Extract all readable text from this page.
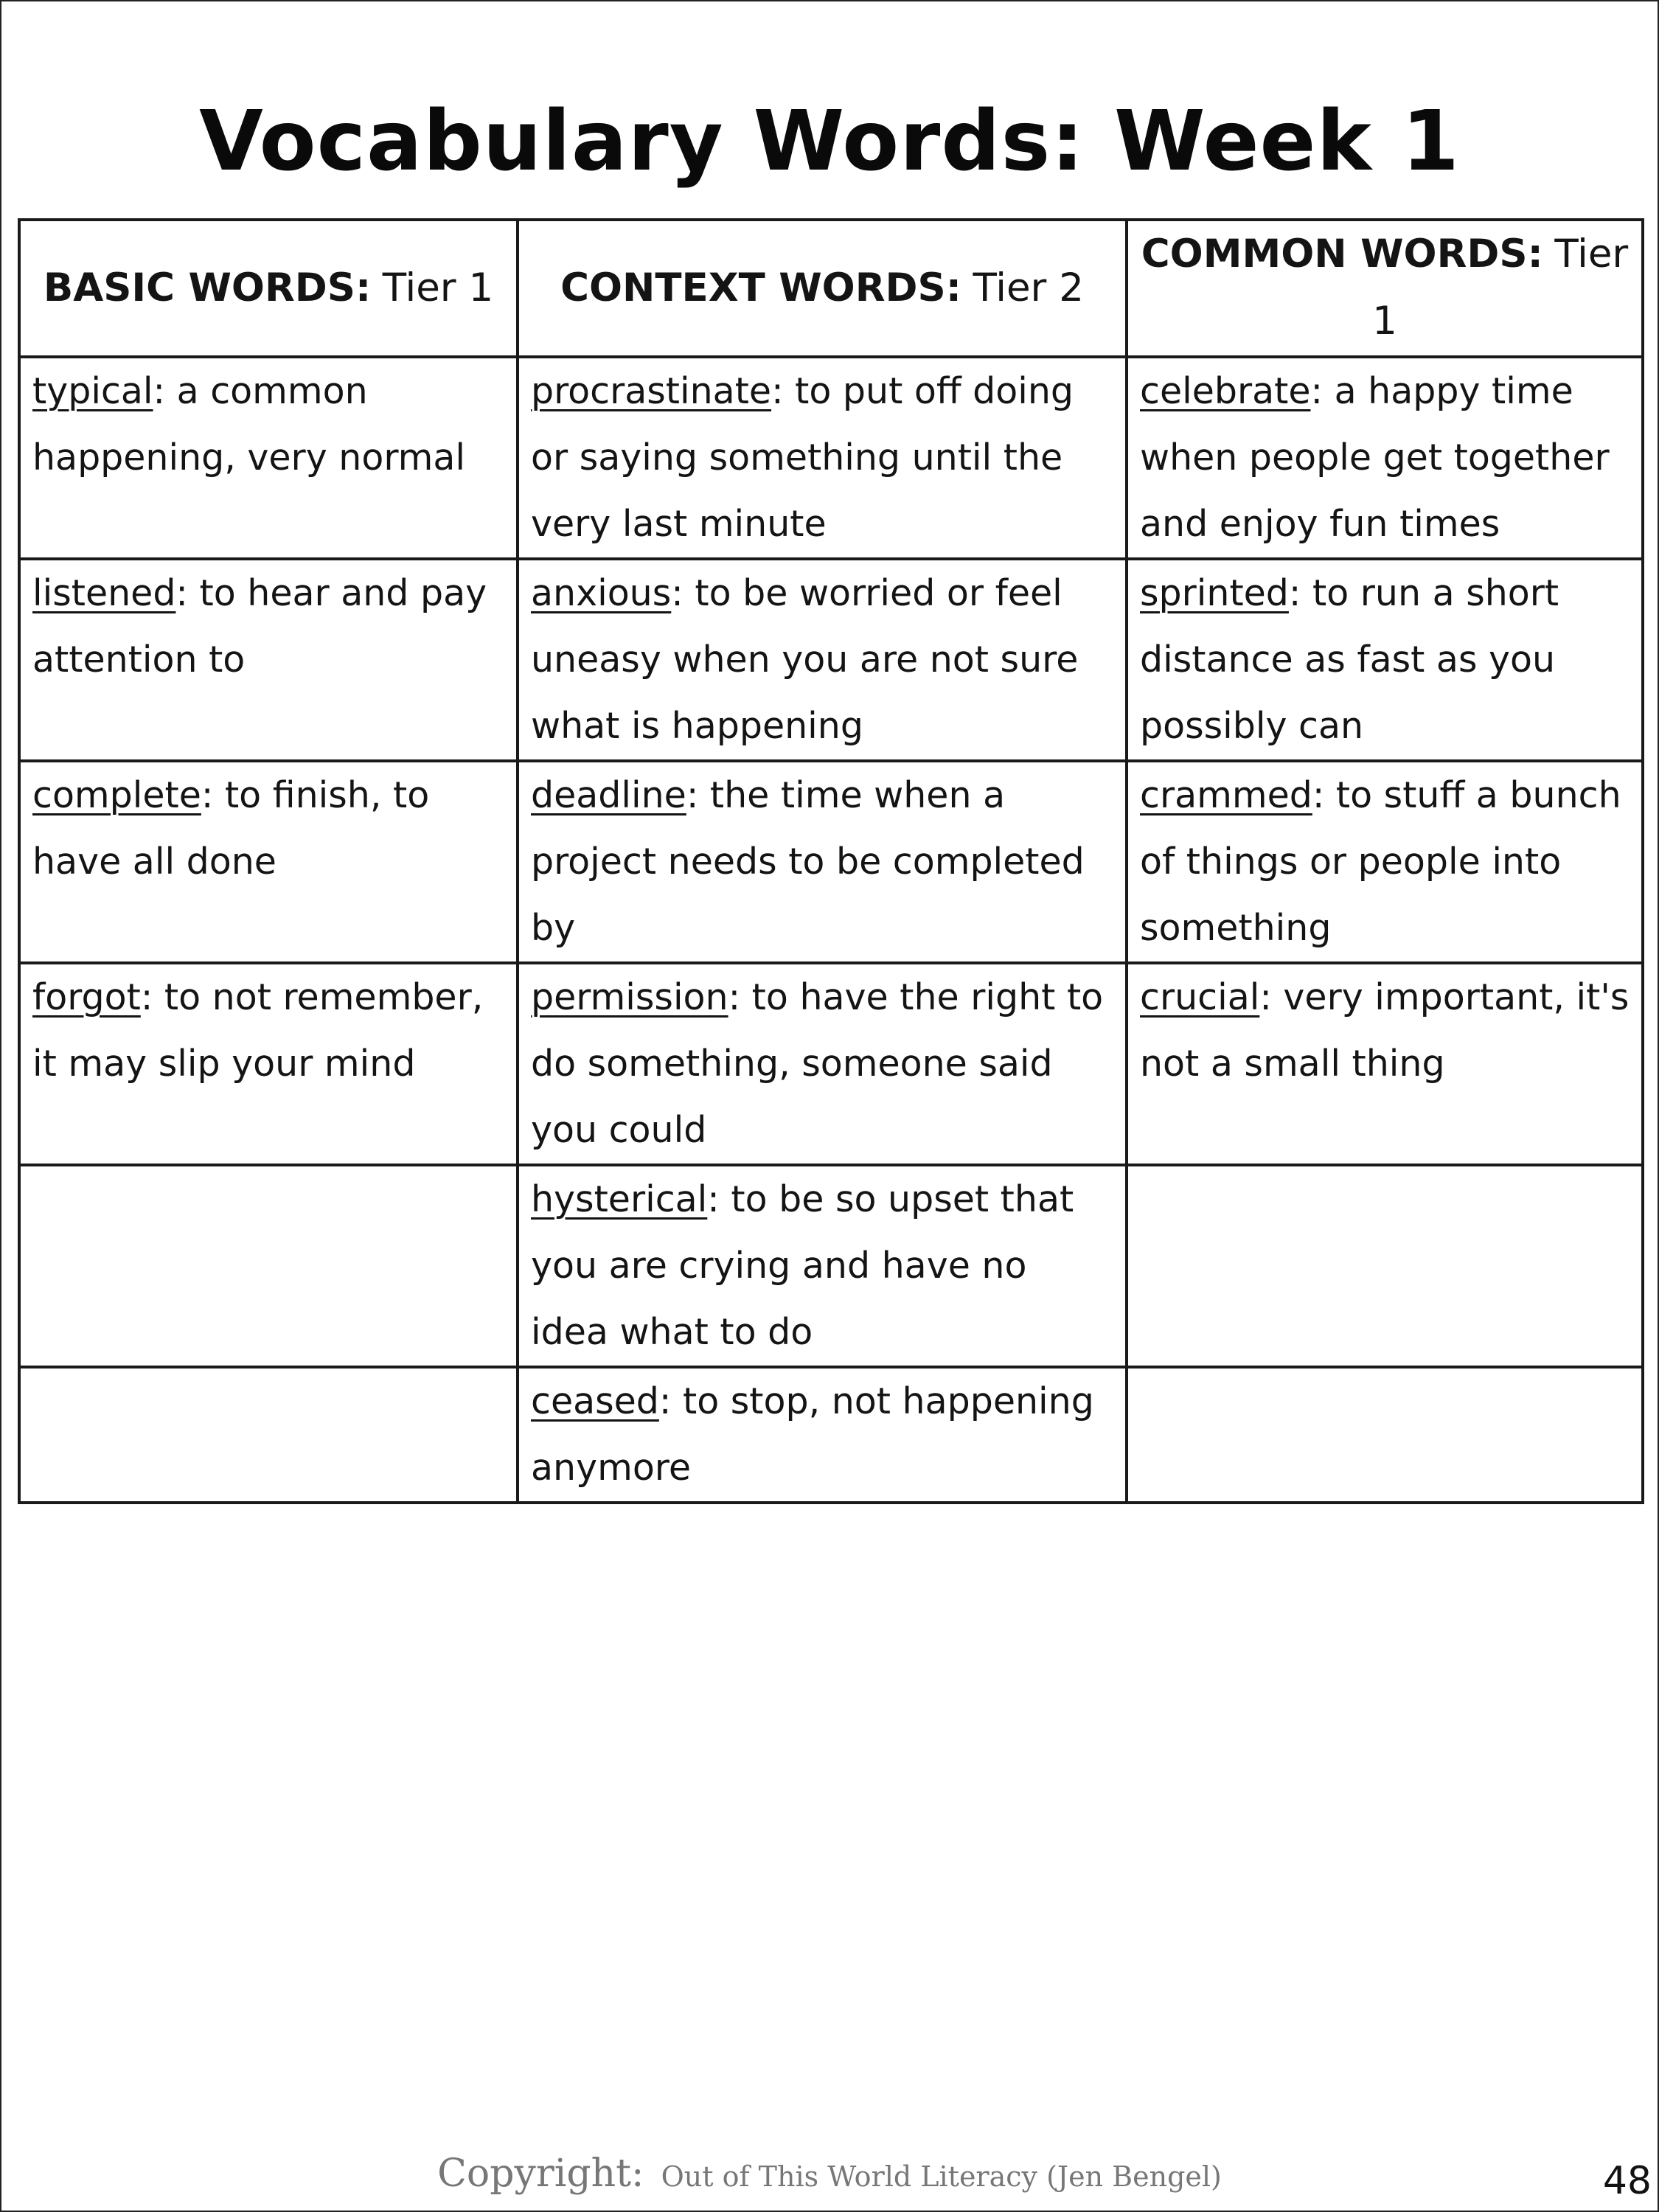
Vocabulary Words: Week 1
BASIC WORDS: Tier 1	CONTEXT WORDS: Tier 2	COMMON WORDS: Tier 1
typical: a common happening, very normal	procrastinate: to put off doing or saying something until the very last minute	celebrate: a happy time when people get together and enjoy fun times
listened: to hear and pay attention to	anxious: to be worried or feel uneasy when you are not sure what is happening	sprinted: to run a short distance as fast as you possibly can
complete: to finish, to have all done	deadline: the time when a project needs to be completed by	crammed: to stuff a bunch of things or people into something
forgot: to not remember, it may slip your mind	permission: to have the right to do something, someone said you could	crucial: very important, it's not a small thing
	hysterical: to be so upset that you are crying and have no idea what to do	
	ceased: to stop, not happening anymore	
Copyright: Out of This World Literacy (Jen Bengel)	48
